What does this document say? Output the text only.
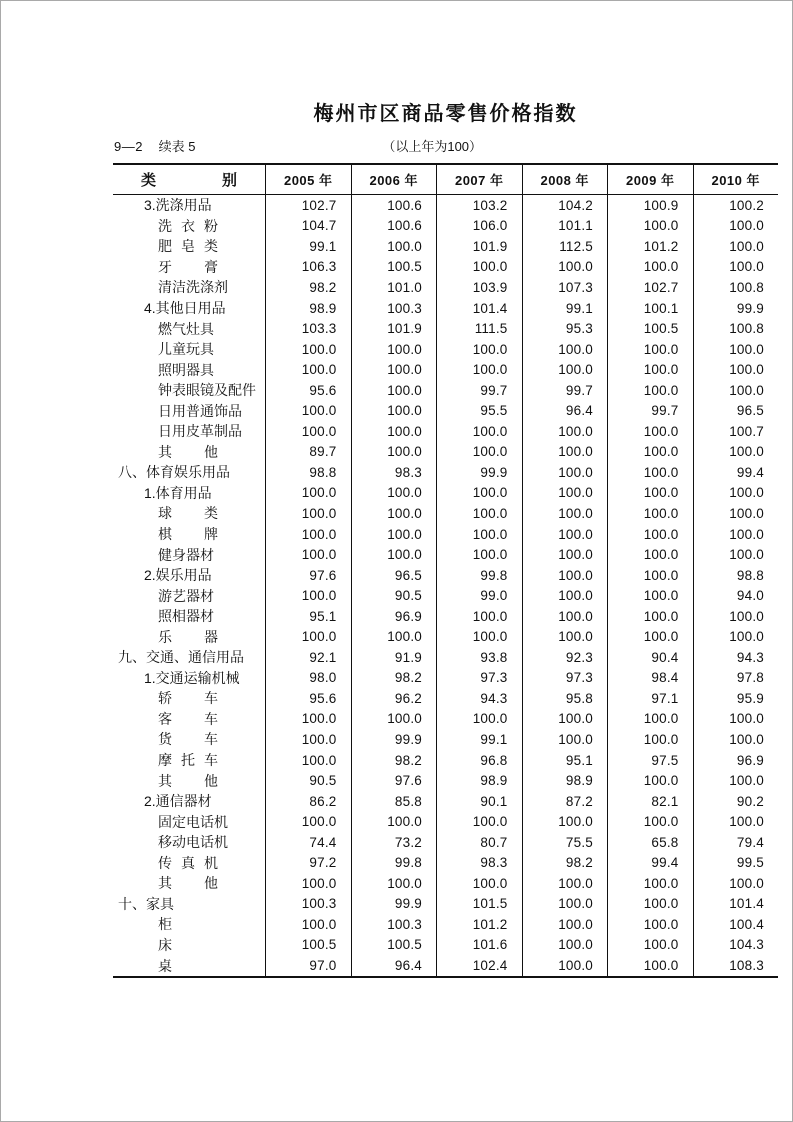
梅州市区商品零售价格指数
9—2 续表 5	（以上年为100）
类别	2005 年	2006 年	2007 年	2008 年	2009 年	2010 年
3.洗涤用品	102.7	100.6	103.2	104.2	100.9	100.2
洗衣粉	104.7	100.6	106.0	101.1	100.0	100.0
肥皂类	99.1	100.0	101.9	112.5	101.2	100.0
牙膏	106.3	100.5	100.0	100.0	100.0	100.0
清洁洗涤剂	98.2	101.0	103.9	107.3	102.7	100.8
4.其他日用品	98.9	100.3	101.4	99.1	100.1	99.9
燃气灶具	103.3	101.9	111.5	95.3	100.5	100.8
儿童玩具	100.0	100.0	100.0	100.0	100.0	100.0
照明器具	100.0	100.0	100.0	100.0	100.0	100.0
钟表眼镜及配件	95.6	100.0	99.7	99.7	100.0	100.0
日用普通饰品	100.0	100.0	95.5	96.4	99.7	96.5
日用皮革制品	100.0	100.0	100.0	100.0	100.0	100.7
其他	89.7	100.0	100.0	100.0	100.0	100.0
八、体育娱乐用品	98.8	98.3	99.9	100.0	100.0	99.4
1.体育用品	100.0	100.0	100.0	100.0	100.0	100.0
球类	100.0	100.0	100.0	100.0	100.0	100.0
棋牌	100.0	100.0	100.0	100.0	100.0	100.0
健身器材	100.0	100.0	100.0	100.0	100.0	100.0
2.娱乐用品	97.6	96.5	99.8	100.0	100.0	98.8
游艺器材	100.0	90.5	99.0	100.0	100.0	94.0
照相器材	95.1	96.9	100.0	100.0	100.0	100.0
乐器	100.0	100.0	100.0	100.0	100.0	100.0
九、交通、通信用品	92.1	91.9	93.8	92.3	90.4	94.3
1.交通运输机械	98.0	98.2	97.3	97.3	98.4	97.8
轿车	95.6	96.2	94.3	95.8	97.1	95.9
客车	100.0	100.0	100.0	100.0	100.0	100.0
货车	100.0	99.9	99.1	100.0	100.0	100.0
摩托车	100.0	98.2	96.8	95.1	97.5	96.9
其他	90.5	97.6	98.9	98.9	100.0	100.0
2.通信器材	86.2	85.8	90.1	87.2	82.1	90.2
固定电话机	100.0	100.0	100.0	100.0	100.0	100.0
移动电话机	74.4	73.2	80.7	75.5	65.8	79.4
传真机	97.2	99.8	98.3	98.2	99.4	99.5
其他	100.0	100.0	100.0	100.0	100.0	100.0
十、家具	100.3	99.9	101.5	100.0	100.0	101.4
柜	100.0	100.3	101.2	100.0	100.0	100.4
床	100.5	100.5	101.6	100.0	100.0	104.3
桌	97.0	96.4	102.4	100.0	100.0	108.3
